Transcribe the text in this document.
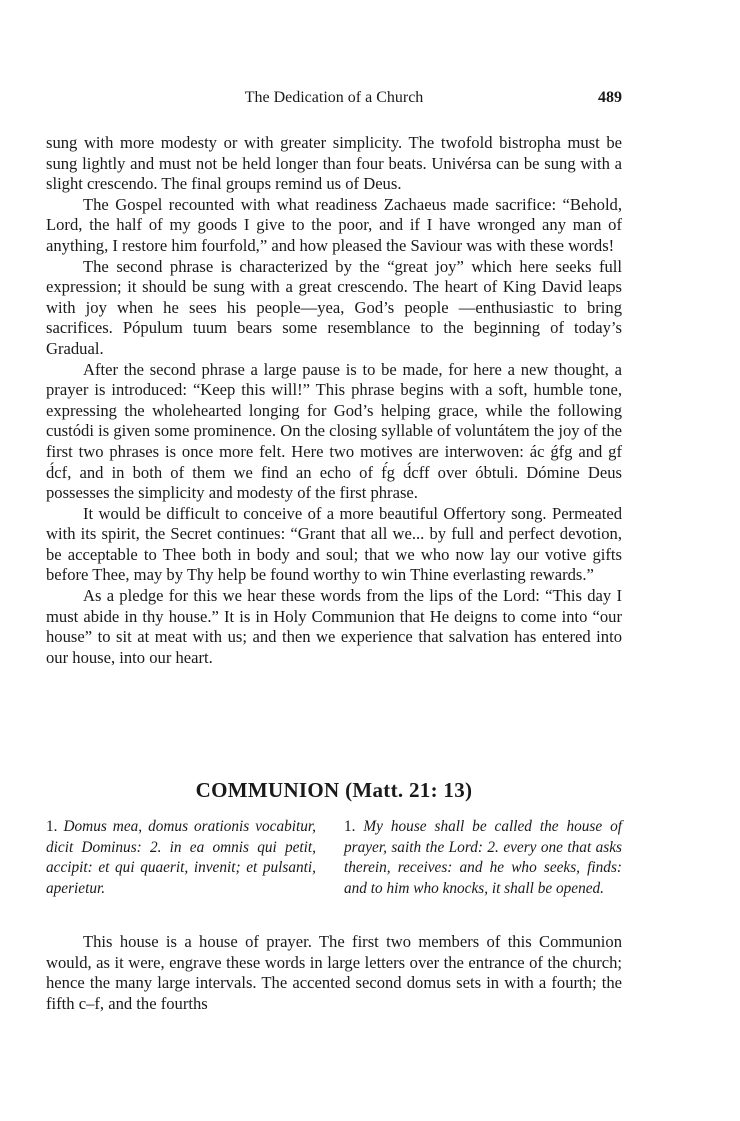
The Dedication of a Church	489

sung with more modesty or with greater simplicity. The twofold bistropha must be sung lightly and must not be held longer than four beats. Univérsa can be sung with a slight crescendo. The final groups remind us of Deus.

The Gospel recounted with what readiness Zachaeus made sacrifice: “Behold, Lord, the half of my goods I give to the poor, and if I have wronged any man of anything, I restore him fourfold,” and how pleased the Saviour was with these words!

The second phrase is characterized by the “great joy” which here seeks full expression; it should be sung with a great crescendo. The heart of King David leaps with joy when he sees his people—yea, God’s people —enthusiastic to bring sacrifices. Pópulum tuum bears some resemblance to the beginning of today’s Gradual.

After the second phrase a large pause is to be made, for here a new thought, a prayer is introduced: “Keep this will!” This phrase begins with a soft, humble tone, expressing the wholehearted longing for God’s helping grace, while the following custódi is given some prominence. On the closing syllable of voluntátem the joy of the first two phrases is once more felt. Here two motives are interwoven: ác ǵfg and gf d́cf, and in both of them we find an echo of f́g d́cff over óbtuli. Dómine Deus possesses the simplicity and modesty of the first phrase.

It would be difficult to conceive of a more beautiful Offertory song. Permeated with its spirit, the Secret continues: “Grant that all we... by full and perfect devotion, be acceptable to Thee both in body and soul; that we who now lay our votive gifts before Thee, may by Thy help be found worthy to win Thine everlasting rewards.”

As a pledge for this we hear these words from the lips of the Lord: “This day I must abide in thy house.” It is in Holy Communion that He deigns to come into “our house” to sit at meat with us; and then we experience that salvation has entered into our house, into our heart.

COMMUNION (Matt. 21: 13)
1. Domus mea, domus orationis vocabitur, dicit Dominus: 2. in ea omnis qui petit, accipit: et qui quaerit, invenit; et pulsanti, aperietur.
1. My house shall be called the house of prayer, saith the Lord: 2. every one that asks therein, receives: and he who seeks, finds: and to him who knocks, it shall be opened.

This house is a house of prayer. The first two members of this Communion would, as it were, engrave these words in large letters over the entrance of the church; hence the many large intervals. The accented second domus sets in with a fourth; the fifth c–f, and the fourths
